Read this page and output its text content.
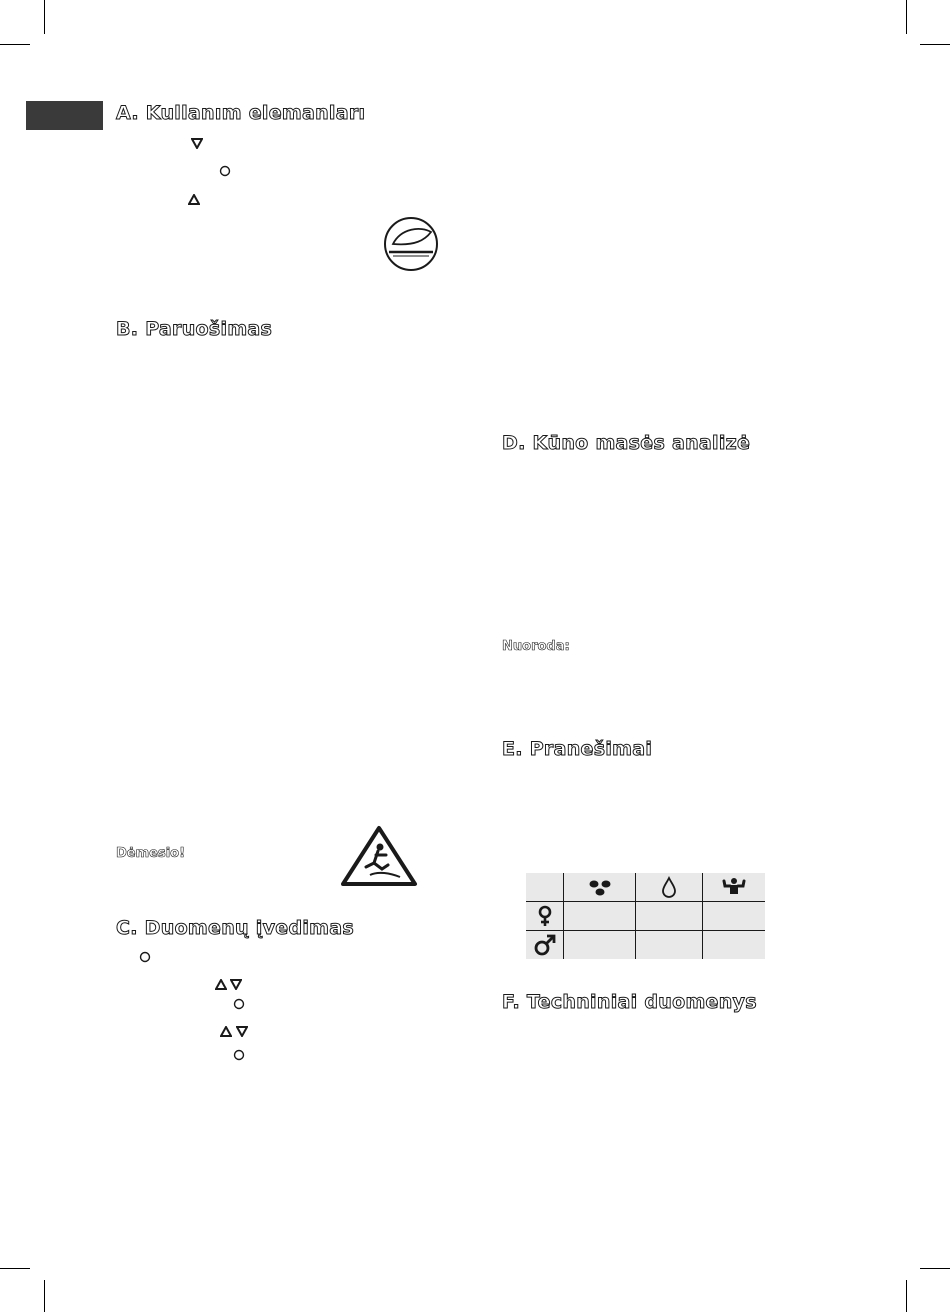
A. Kullanım elemanları
B. Paruošimas
Dėmesio!
C. Duomenų įvedimas
D. Kūno masės analizė
Nuoroda:
E. Pranešimai

F. Techniniai duomenys
